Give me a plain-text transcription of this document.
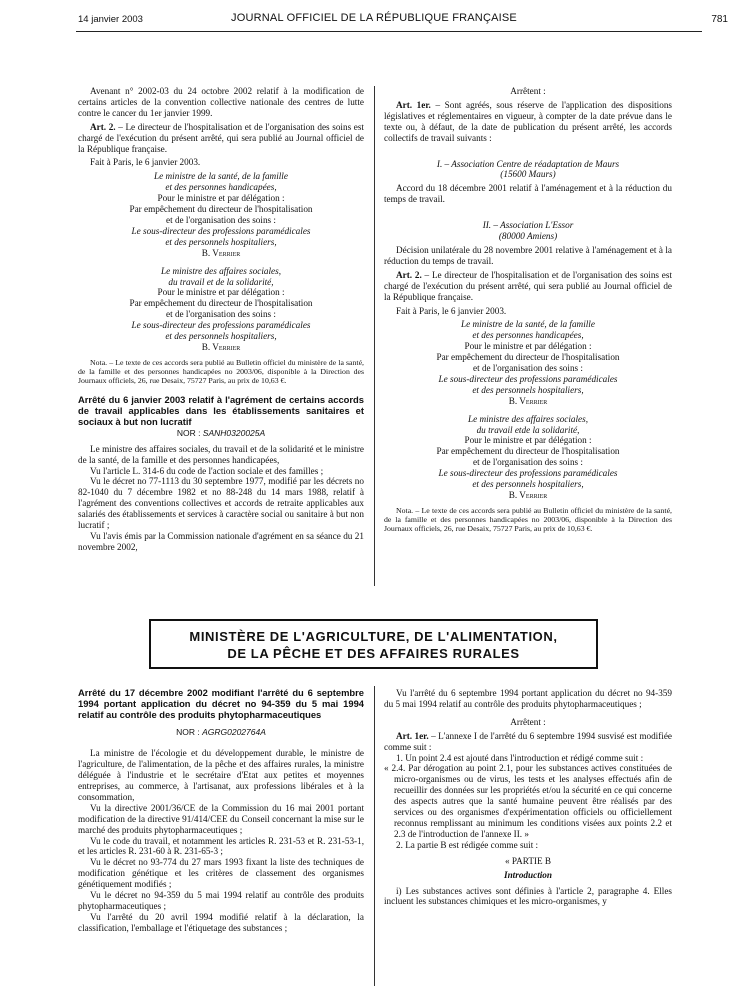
14 janvier 2003	JOURNAL OFFICIEL DE LA RÉPUBLIQUE FRANÇAISE	781

Avenant n° 2002-03 du 24 octobre 2002 relatif à la modification de certains articles de la convention collective nationale des centres de lutte contre le cancer du 1er janvier 1999.

Art. 2. – Le directeur de l'hospitalisation et de l'organisation des soins est chargé de l'exécution du présent arrêté, qui sera publié au Journal officiel de la République française.

Fait à Paris, le 6 janvier 2003.

Le ministre de la santé, de la famille

et des personnes handicapées,

Pour le ministre et par délégation :

Par empêchement du directeur de l'hospitalisation

et de l'organisation des soins :

Le sous-directeur des professions paramédicales

et des personnels hospitaliers,

B. Verrier

Le ministre des affaires sociales,

du travail et de la solidarité,

Pour le ministre et par délégation :

Par empêchement du directeur de l'hospitalisation

et de l'organisation des soins :

Le sous-directeur des professions paramédicales

et des personnels hospitaliers,

B. Verrier

Nota. – Le texte de ces accords sera publié au Bulletin officiel du ministère de la santé, de la famille et des personnes handicapées no 2003/06, disponible à la Direction des Journaux officiels, 26, rue Desaix, 75727 Paris, au prix de 10,63 €.

Arrêté du 6 janvier 2003 relatif à l'agrément de certains accords de travail applicables dans les établissements sanitaires et sociaux à but non lucratif

NOR : SANH0320025A

Le ministre des affaires sociales, du travail et de la solidarité et le ministre de la santé, de la famille et des personnes handicapées,

Vu l'article L. 314-6 du code de l'action sociale et des familles ;

Vu le décret no 77-1113 du 30 septembre 1977, modifié par les décrets no 82-1040 du 7 décembre 1982 et no 88-248 du 14 mars 1988, relatif à l'agrément des conventions collectives et accords de retraite applicables aux salariés des établissements et services à caractère social ou sanitaire à but non lucratif ;

Vu l'avis émis par la Commission nationale d'agrément en sa séance du 21 novembre 2002,

Arrêtent :

Art. 1er. – Sont agréés, sous réserve de l'application des dispositions législatives et réglementaires en vigueur, à compter de la date prévue dans le texte ou, à défaut, de la date de publication du présent arrêté, les accords collectifs de travail suivants :

I. – Association Centre de réadaptation de Maurs

(15600 Maurs)

Accord du 18 décembre 2001 relatif à l'aménagement et à la réduction du temps de travail.

II. – Association L'Essor

(80000 Amiens)

Décision unilatérale du 28 novembre 2001 relative à l'aménagement et à la réduction du temps de travail.

Art. 2. – Le directeur de l'hospitalisation et de l'organisation des soins est chargé de l'exécution du présent arrêté, qui sera publié au Journal officiel de la République française.

Fait à Paris, le 6 janvier 2003.

Le ministre de la santé, de la famille

et des personnes handicapées,

Pour le ministre et par délégation :

Par empêchement du directeur de l'hospitalisation

et de l'organisation des soins :

Le sous-directeur des professions paramédicales

et des personnels hospitaliers,

B. Verrier

Le ministre des affaires sociales,

du travail etde la solidarité,

Pour le ministre et par délégation :

Par empêchement du directeur de l'hospitalisation

et de l'organisation des soins :

Le sous-directeur des professions paramédicales

et des personnels hospitaliers,

B. Verrier

Nota. – Le texte de ces accords sera publié au Bulletin officiel du ministère de la santé, de la famille et des personnes handicapées no 2003/06, disponible à la Direction des Journaux officiels, 26, rue Desaix, 75727 Paris, au prix de 10,63 €.

MINISTÈRE DE L'AGRICULTURE, DE L'ALIMENTATION,
DE LA PÊCHE ET DES AFFAIRES RURALES

Arrêté du 17 décembre 2002 modifiant l'arrêté du 6 septembre 1994 portant application du décret no 94-359 du 5 mai 1994 relatif au contrôle des produits phytopharmaceutiques

NOR : AGRG0202764A

La ministre de l'écologie et du développement durable, le ministre de l'agriculture, de l'alimentation, de la pêche et des affaires rurales, la ministre déléguée à l'industrie et le secrétaire d'Etat aux petites et moyennes entreprises, au commerce, à l'artisanat, aux professions libérales et à la consommation,

Vu la directive 2001/36/CE de la Commission du 16 mai 2001 portant modification de la directive 91/414/CEE du Conseil concernant la mise sur le marché des produits phytopharmaceutiques ;

Vu le code du travail, et notamment les articles R. 231-53 et R. 231-53-1, et les articles R. 231-60 à R. 231-65-3 ;

Vu le décret no 93-774 du 27 mars 1993 fixant la liste des techniques de modification génétique et les critères de classement des organismes génétiquement modifiés ;

Vu le décret no 94-359 du 5 mai 1994 relatif au contrôle des produits phytopharmaceutiques ;

Vu l'arrêté du 20 avril 1994 modifié relatif à la déclaration, la classification, l'emballage et l'étiquetage des substances ;

Vu l'arrêté du 6 septembre 1994 portant application du décret no 94-359 du 5 mai 1994 relatif au contrôle des produits phytopharmaceutiques ;

Arrêtent :

Art. 1er. – L'annexe I de l'arrêté du 6 septembre 1994 susvisé est modifiée comme suit :

1. Un point 2.4 est ajouté dans l'introduction et rédigé comme suit :

« 2.4. Par dérogation au point 2.1, pour les substances actives constituées de micro-organismes ou de virus, les tests et les analyses effectués afin de recueillir des données sur les propriétés et/ou la sécurité en ce qui concerne des aspects autres que la santé humaine peuvent être réalisés par des services ou des organismes d'expérimentation officiels ou officiellement reconnus remplissant au minimum les conditions visées aux points 2.2 et 2.3 de l'introduction de l'annexe II. »

2. La partie B est rédigée comme suit :

« PARTIE B

Introduction

i) Les substances actives sont définies à l'article 2, paragraphe 4. Elles incluent les substances chimiques et les micro-organismes, y
